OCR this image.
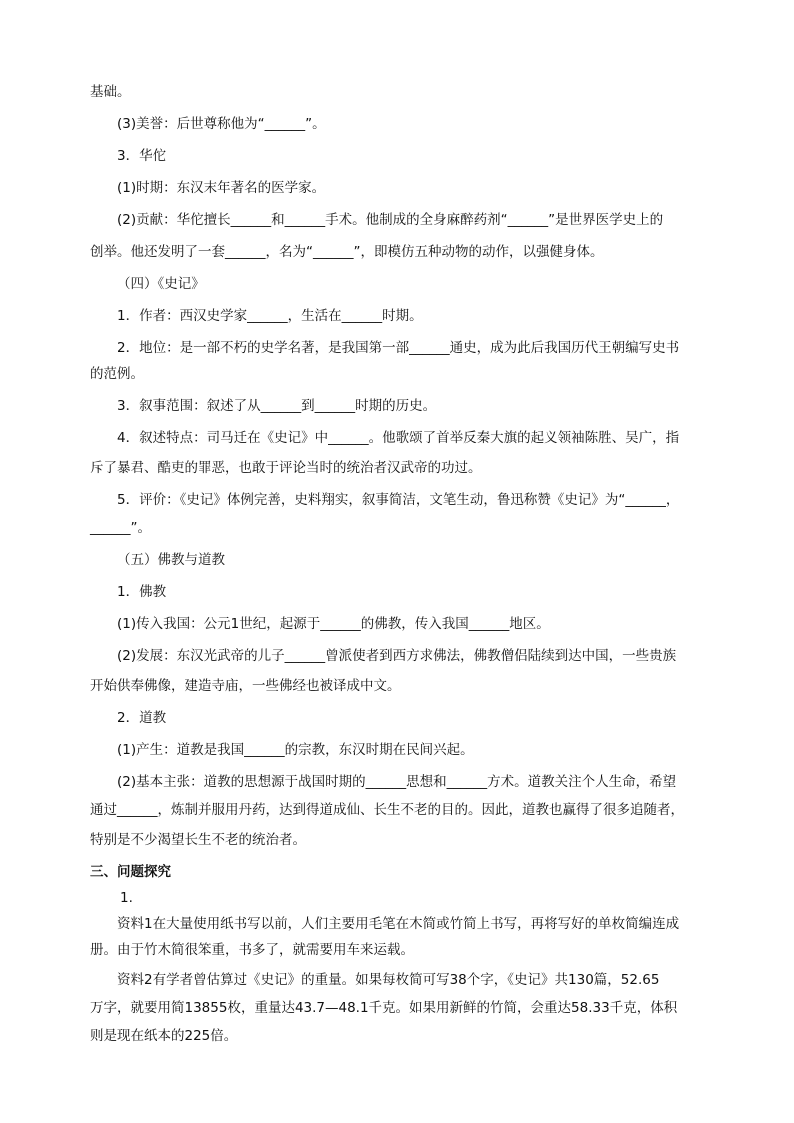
基础。
(3)美誉：后世尊称他为“______”。
3．华佗
(1)时期：东汉末年著名的医学家。
(2)贡献：华佗擅长______和______手术。他制成的全身麻醉药剂“______”是世界医学史上的
创举。他还发明了一套______，名为“______”，即模仿五种动物的动作，以强健身体。
（四）《史记》
1．作者：西汉史学家______，生活在______时期。
2．地位：是一部不朽的史学名著，是我国第一部______通史，成为此后我国历代王朝编写史书
的范例。
3．叙事范围：叙述了从______到______时期的历史。
4．叙述特点：司马迁在《史记》中______。他歌颂了首举反秦大旗的起义领袖陈胜、吴广，指
斥了暴君、酷吏的罪恶，也敢于评论当时的统治者汉武帝的功过。
5．评价：《史记》体例完善，史料翔实，叙事简洁，文笔生动，鲁迅称赞《史记》为“______，
______”。
（五）佛教与道教
1．佛教
(1)传入我国：公元1世纪，起源于______的佛教，传入我国______地区。
(2)发展：东汉光武帝的儿子______曾派使者到西方求佛法，佛教僧侣陆续到达中国，一些贵族
开始供奉佛像，建造寺庙，一些佛经也被译成中文。
2．道教
(1)产生：道教是我国______的宗教，东汉时期在民间兴起。
(2)基本主张：道教的思想源于战国时期的______思想和______方术。道教关注个人生命，希望
通过______，炼制并服用丹药，达到得道成仙、长生不老的目的。因此，道教也赢得了很多追随者，
特别是不少渴望长生不老的统治者。
三、问题探究
1.
资料1在大量使用纸书写以前，人们主要用毛笔在木简或竹简上书写，再将写好的单枚简编连成
册。由于竹木简很笨重，书多了，就需要用车来运载。
资料2有学者曾估算过《史记》的重量。如果每枚简可写38个字，《史记》共130篇，52.65
万字，就要用简13855枚，重量达43.7—48.1千克。如果用新鲜的竹简，会重达58.33千克，体积
则是现在纸本的225倍。
